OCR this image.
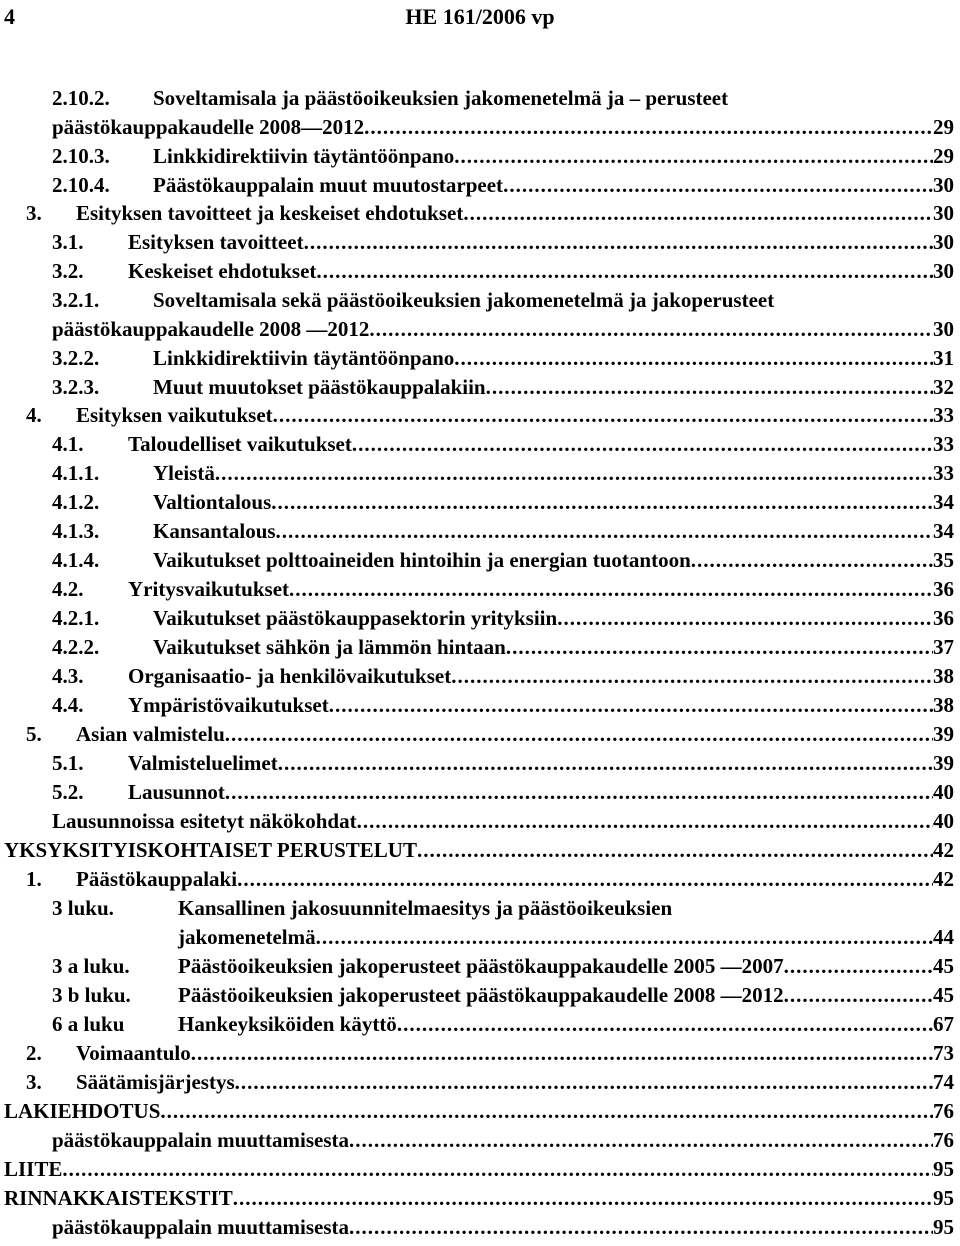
4	HE 161/2006 vp
2.10.2.	Soveltamisala ja päästöoikeuksien jakomenetelmä ja – perusteet
päästökauppakaudelle 2008—2012 .....	29
2.10.3.	Linkkidirektiivin täytäntöönpano .....	29
2.10.4.	Päästökauppalain muut muutostarpeet .....	30
3.	Esityksen tavoitteet ja keskeiset ehdotukset .....	30
3.1.	Esityksen tavoitteet .....	30
3.2.	Keskeiset ehdotukset .....	30
3.2.1.	Soveltamisala sekä päästöoikeuksien jakomenetelmä ja jakoperusteet
päästökauppakaudelle 2008 —2012 .....	30
3.2.2.	Linkkidirektiivin täytäntöönpano .....	31
3.2.3.	Muut muutokset päästökauppalakiin .....	32
4.	Esityksen vaikutukset .....	33
4.1.	Taloudelliset vaikutukset .....	33
4.1.1.	Yleistä .....	33
4.1.2.	Valtiontalous .....	34
4.1.3.	Kansantalous .....	34
4.1.4.	Vaikutukset polttoaineiden hintoihin ja energian tuotantoon .....	35
4.2.	Yritysvaikutukset .....	36
4.2.1.	Vaikutukset päästökauppasektorin yrityksiin .....	36
4.2.2.	Vaikutukset sähkön ja lämmön hintaan .....	37
4.3.	Organisaatio- ja henkilövaikutukset .....	38
4.4.	Ympäristövaikutukset .....	38
5.	Asian valmistelu .....	39
5.1.	Valmisteluelimet .....	39
5.2.	Lausunnot .....	40
Lausunnoissa esitetyt näkökohdat .....	40
YKSYKSITYISKOHTAISET PERUSTELUT .....	42
1.	Päästökauppalaki .....	42
3 luku.	Kansallinen jakosuunnitelmaesitys ja päästöoikeuksien
jakomenetelmä .....	44
3 a luku.	Päästöoikeuksien jakoperusteet päästökauppakaudelle 2005 —2007 .....	45
3 b luku.	Päästöoikeuksien jakoperusteet päästökauppakaudelle 2008 —2012 .....	45
6 a luku	Hankeyksiköiden käyttö .....	67
2.	Voimaantulo .....	73
3.	Säätämisjärjestys .....	74
LAKIEHDOTUS .....	76
päästökauppalain muuttamisesta .....	76
LIITE .....	95
RINNAKKAISTEKSTIT .....	95
päästökauppalain muuttamisesta .....	95
